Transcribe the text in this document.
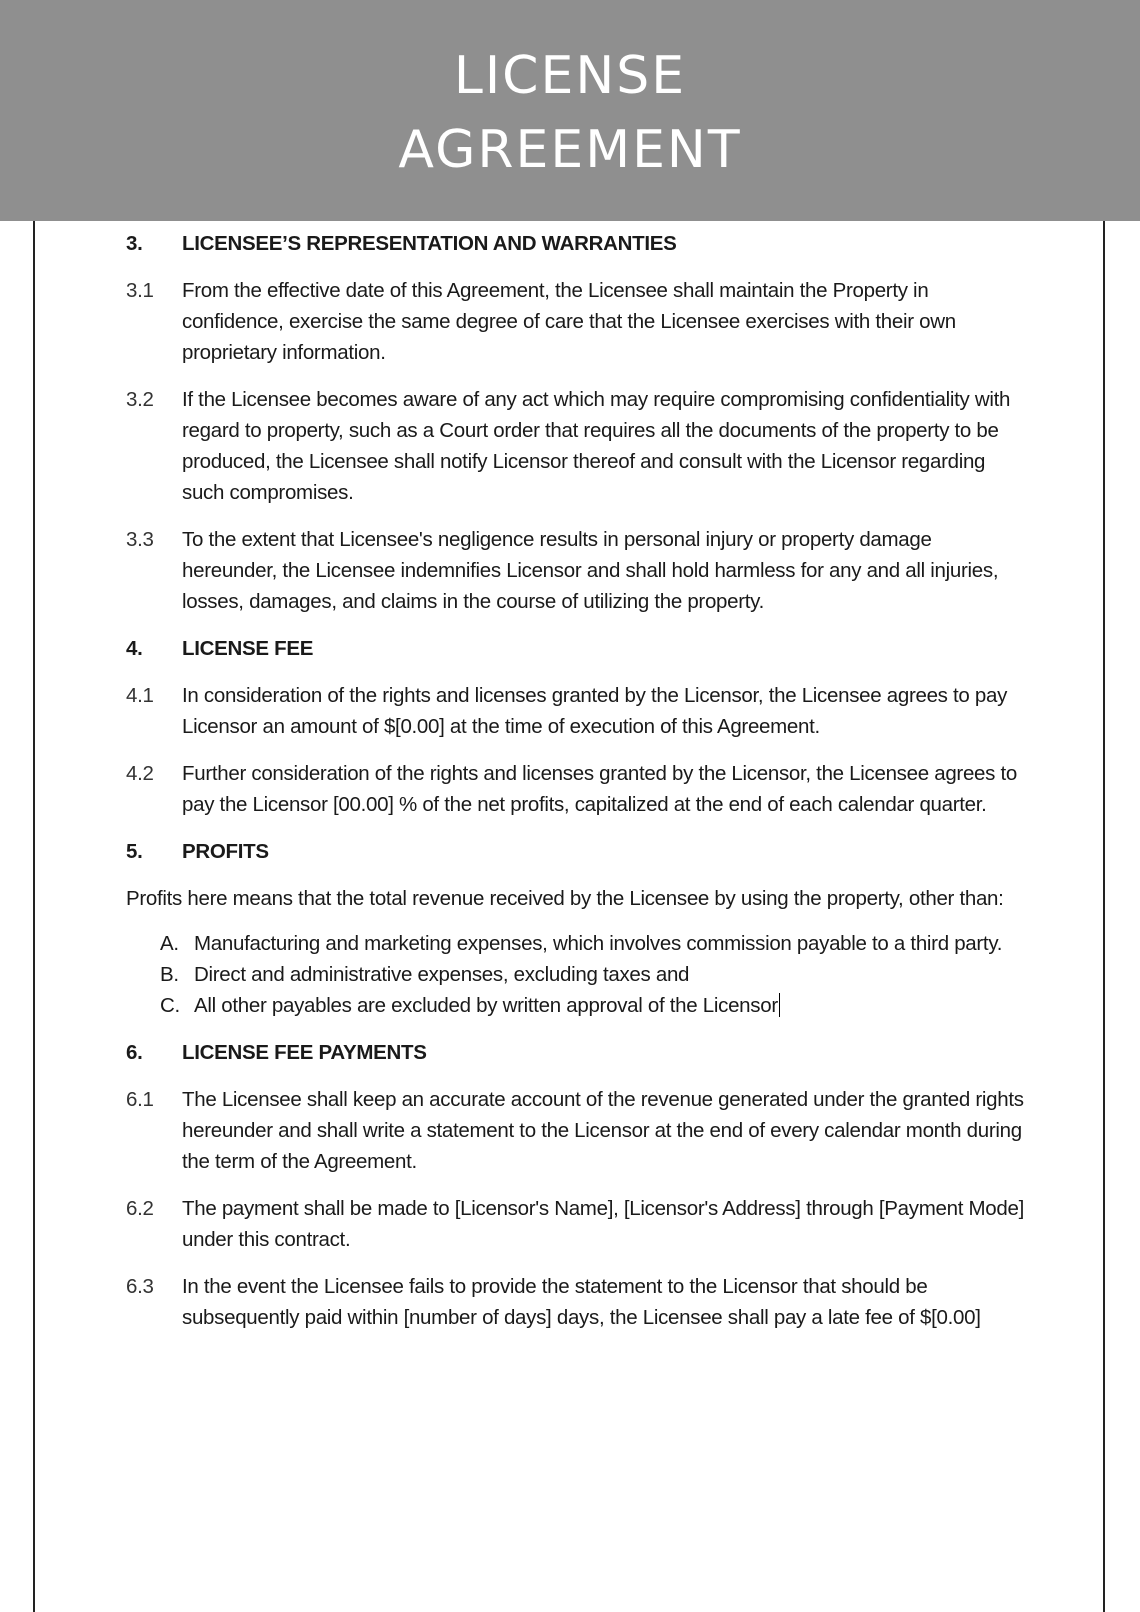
LICENSE
AGREEMENT
3.	LICENSEE’S REPRESENTATION AND WARRANTIES
3.1	From the effective date of this Agreement, the Licensee shall maintain the Property in confidence, exercise the same degree of care that the Licensee exercises with their own proprietary information.
3.2	If the Licensee becomes aware of any act which may require compromising confidentiality with regard to property, such as a Court order that requires all the documents of the property to be produced, the Licensee shall notify Licensor thereof and consult with the Licensor regarding such compromises.
3.3	To the extent that Licensee's negligence results in personal injury or property damage hereunder, the Licensee indemnifies Licensor and shall hold harmless for any and all injuries, losses, damages, and claims in the course of utilizing the property.
4.	LICENSE FEE
4.1	In consideration of the rights and licenses granted by the Licensor, the Licensee agrees to pay Licensor an amount of $[0.00] at the time of execution of this Agreement.
4.2	Further consideration of the rights and licenses granted by the Licensor, the Licensee agrees to pay the Licensor [00.00] % of the net profits, capitalized at the end of each calendar quarter.
5.	PROFITS
Profits here means that the total revenue received by the Licensee by using the property, other than:
A. Manufacturing and marketing expenses, which involves commission payable to a third party.
B. Direct and administrative expenses, excluding taxes and
C. All other payables are excluded by written approval of the Licensor
6.	LICENSE FEE PAYMENTS
6.1	The Licensee shall keep an accurate account of the revenue generated under the granted rights hereunder and shall write a statement to the Licensor at the end of every calendar month during the term of the Agreement.
6.2	The payment shall be made to [Licensor's Name], [Licensor's Address] through [Payment Mode] under this contract.
6.3	In the event the Licensee fails to provide the statement to the Licensor that should be subsequently paid within [number of days] days, the Licensee shall pay a late fee of $[0.00]
